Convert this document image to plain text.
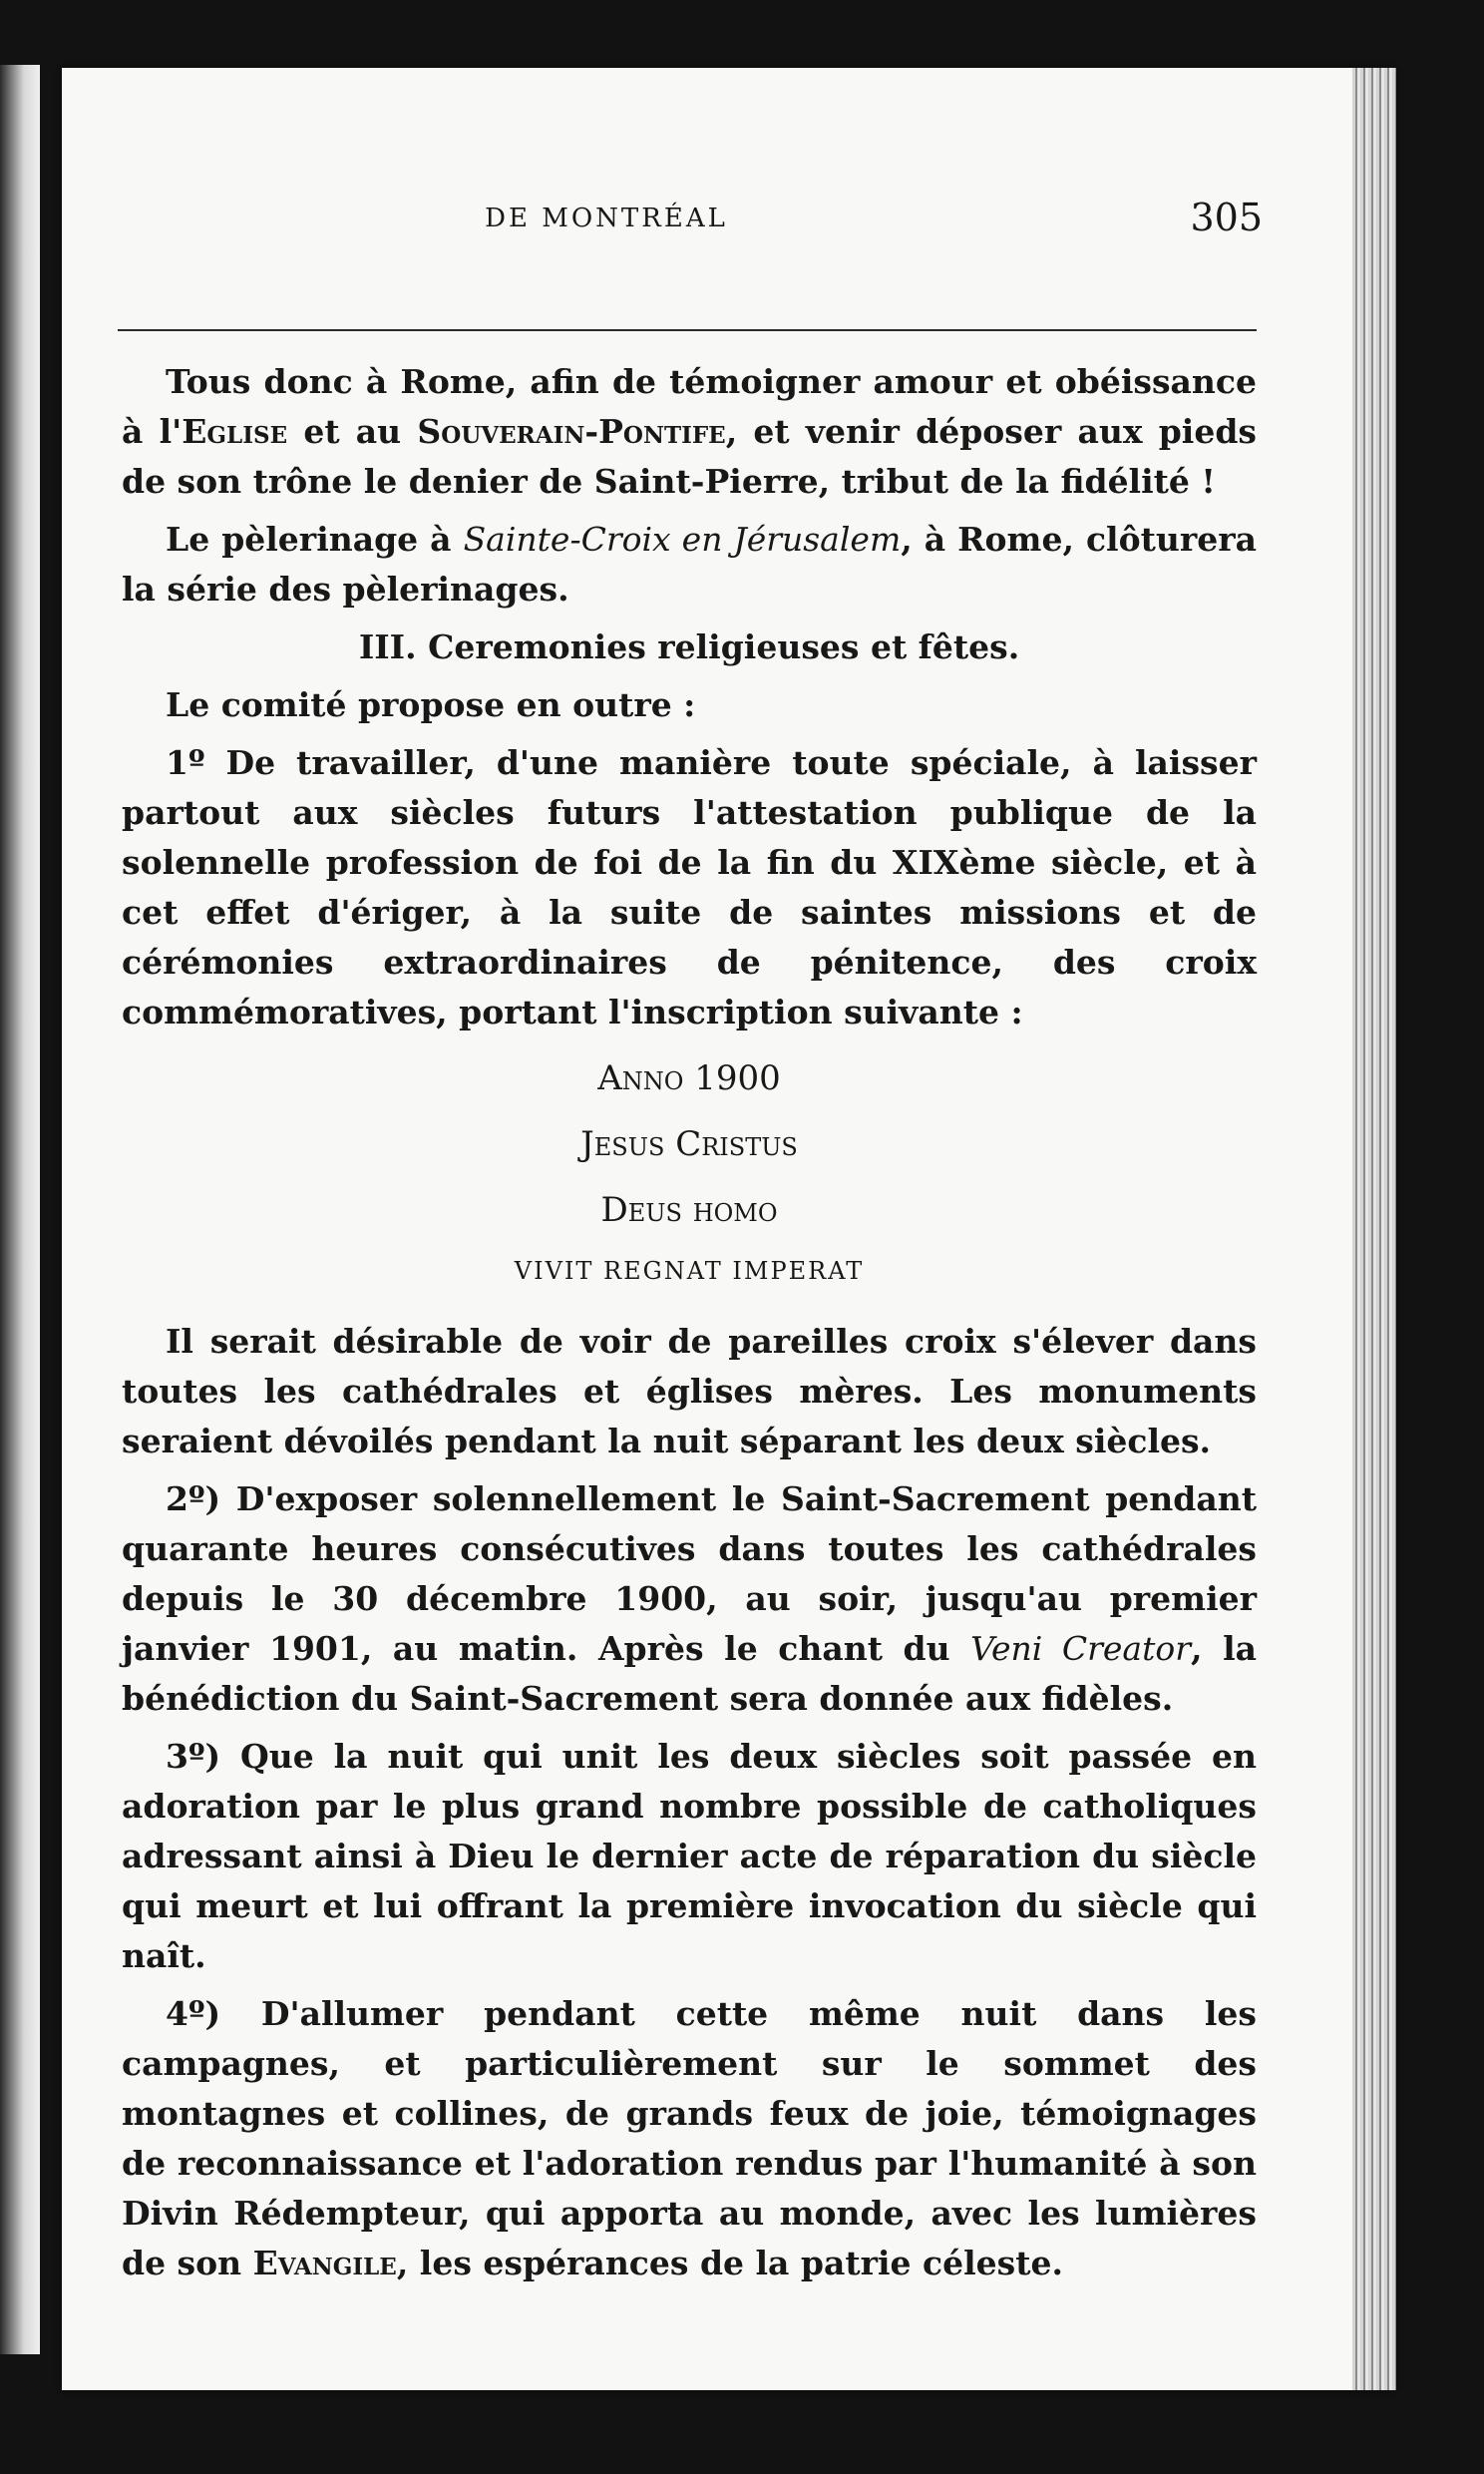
DE MONTRÉAL	305

Tous donc à Rome, afin de témoigner amour et obéissance à l'Eglise et au Souverain-Pontife, et venir déposer aux pieds de son trône le denier de Saint-Pierre, tribut de la fidélité !

Le pèlerinage à Sainte-Croix en Jérusalem, à Rome, clôturera la série des pèlerinages.

III. Ceremonies religieuses et fêtes.

Le comité propose en outre :

1º De travailler, d'une manière toute spéciale, à laisser partout aux siècles futurs l'attestation publique de la solennelle profession de foi de la fin du XIXème siècle, et à cet effet d'ériger, à la suite de saintes missions et de cérémonies extraordinaires de pénitence, des croix commémoratives, portant l'inscription suivante :

Anno 1900
Jesus Cristus
Deus homo
VIVIT REGNAT IMPERAT

Il serait désirable de voir de pareilles croix s'élever dans toutes les cathédrales et églises mères. Les monuments seraient dévoilés pendant la nuit séparant les deux siècles.

2º) D'exposer solennellement le Saint-Sacrement pendant quarante heures consécutives dans toutes les cathédrales depuis le 30 décembre 1900, au soir, jusqu'au premier janvier 1901, au matin. Après le chant du Veni Creator, la bénédiction du Saint-Sacrement sera donnée aux fidèles.

3º) Que la nuit qui unit les deux siècles soit passée en adoration par le plus grand nombre possible de catholiques adressant ainsi à Dieu le dernier acte de réparation du siècle qui meurt et lui offrant la première invocation du siècle qui naît.

4º) D'allumer pendant cette même nuit dans les campagnes, et particulièrement sur le sommet des montagnes et collines, de grands feux de joie, témoignages de reconnaissance et l'adoration rendus par l'humanité à son Divin Rédempteur, qui apporta au monde, avec les lumières de son Evangile, les espérances de la patrie céleste.
